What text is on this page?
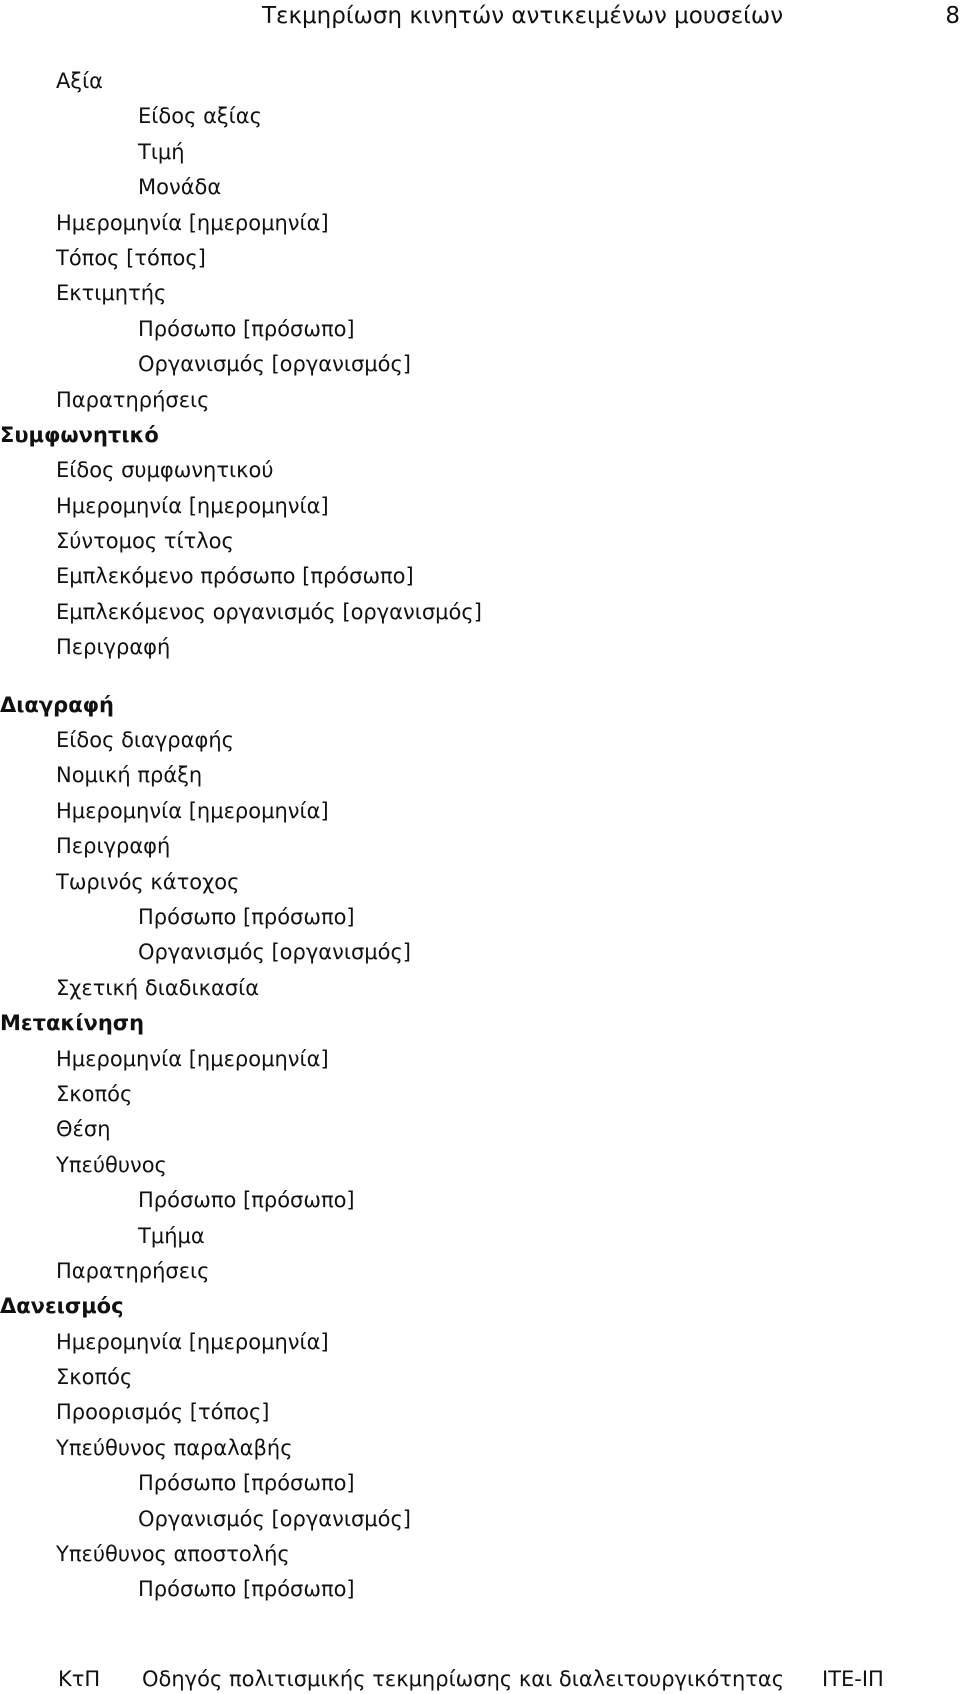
Τεκμηρίωση κινητών αντικειμένων μουσείων	8
Αξία
Είδος αξίας
Τιμή
Μονάδα
Ημερομηνία [ημερομηνία]
Τόπος [τόπος]
Εκτιμητής
Πρόσωπο [πρόσωπο]
Οργανισμός [οργανισμός]
Παρατηρήσεις
Συμφωνητικό
Είδος συμφωνητικού
Ημερομηνία [ημερομηνία]
Σύντομος τίτλος
Εμπλεκόμενο πρόσωπο [πρόσωπο]
Εμπλεκόμενος οργανισμός [οργανισμός]
Περιγραφή
Διαγραφή
Είδος διαγραφής
Νομική πράξη
Ημερομηνία [ημερομηνία]
Περιγραφή
Τωρινός κάτοχος
Πρόσωπο [πρόσωπο]
Οργανισμός [οργανισμός]
Σχετική διαδικασία
Μετακίνηση
Ημερομηνία [ημερομηνία]
Σκοπός
Θέση
Υπεύθυνος
Πρόσωπο [πρόσωπο]
Τμήμα
Παρατηρήσεις
Δανεισμός
Ημερομηνία [ημερομηνία]
Σκοπός
Προορισμός [τόπος]
Υπεύθυνος παραλαβής
Πρόσωπο [πρόσωπο]
Οργανισμός [οργανισμός]
Υπεύθυνος αποστολής
Πρόσωπο [πρόσωπο]
ΚτΠ Οδηγός πολιτισμικής τεκμηρίωσης και διαλειτουργικότητας ΙΤΕ-ΙΠ
